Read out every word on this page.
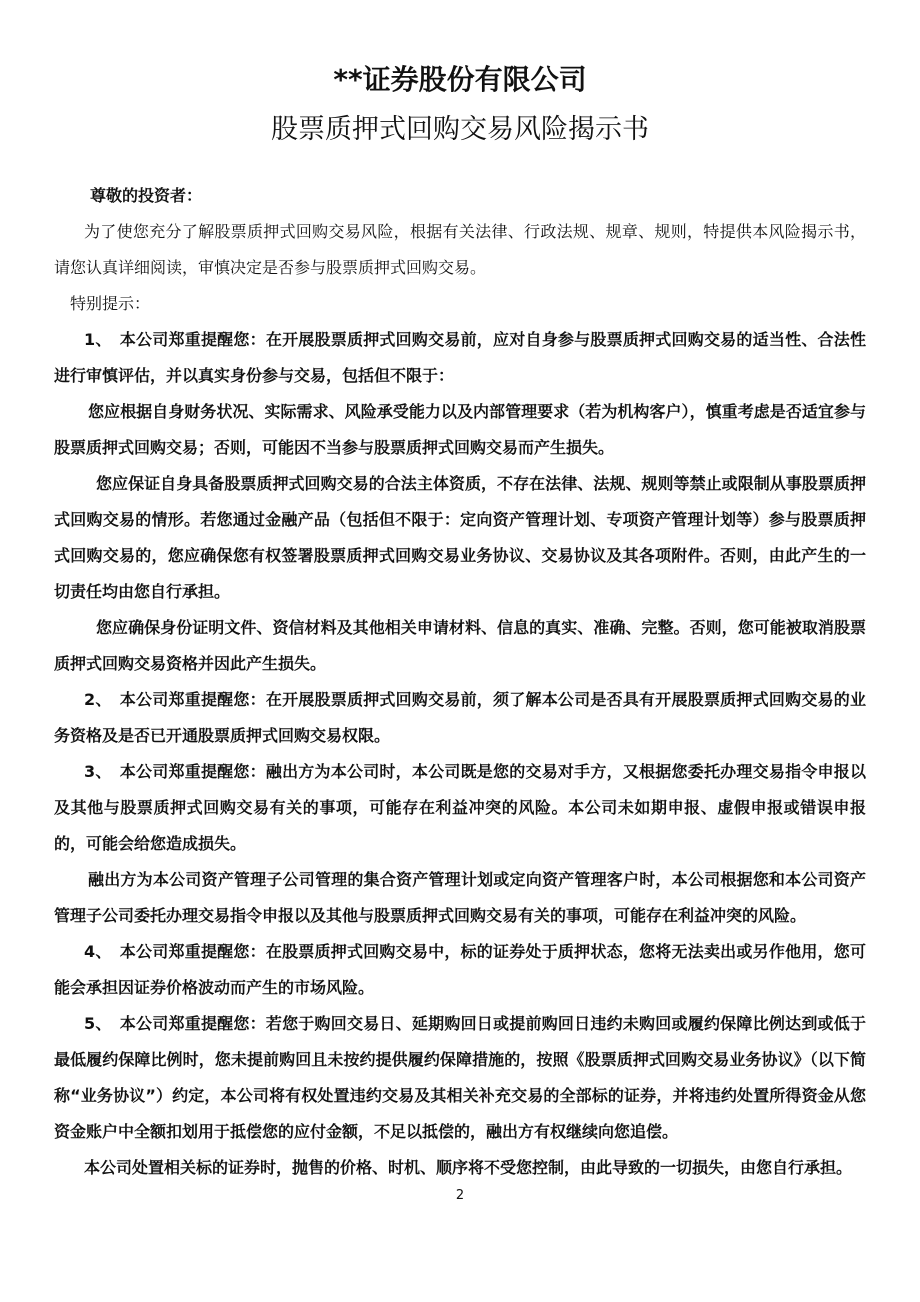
**证券股份有限公司
股票质押式回购交易风险揭示书

尊敬的投资者：

为了使您充分了解股票质押式回购交易风险，根据有关法律、行政法规、规章、规则，特提供本风险揭示书，请您认真详细阅读，审慎决定是否参与股票质押式回购交易。

特别提示：

1、　本公司郑重提醒您：在开展股票质押式回购交易前，应对自身参与股票质押式回购交易的适当性、合法性进行审慎评估，并以真实身份参与交易，包括但不限于：

您应根据自身财务状况、实际需求、风险承受能力以及内部管理要求（若为机构客户），慎重考虑是否适宜参与股票质押式回购交易；否则，可能因不当参与股票质押式回购交易而产生损失。

您应保证自身具备股票质押式回购交易的合法主体资质，不存在法律、法规、规则等禁止或限制从事股票质押式回购交易的情形。若您通过金融产品（包括但不限于：定向资产管理计划、专项资产管理计划等）参与股票质押式回购交易的，您应确保您有权签署股票质押式回购交易业务协议、交易协议及其各项附件。否则，由此产生的一切责任均由您自行承担。

您应确保身份证明文件、资信材料及其他相关申请材料、信息的真实、准确、完整。否则，您可能被取消股票质押式回购交易资格并因此产生损失。

2、　本公司郑重提醒您：在开展股票质押式回购交易前，须了解本公司是否具有开展股票质押式回购交易的业务资格及是否已开通股票质押式回购交易权限。

3、　本公司郑重提醒您：融出方为本公司时，本公司既是您的交易对手方，又根据您委托办理交易指令申报以及其他与股票质押式回购交易有关的事项，可能存在利益冲突的风险。本公司未如期申报、虚假申报或错误申报的，可能会给您造成损失。

融出方为本公司资产管理子公司管理的集合资产管理计划或定向资产管理客户时，本公司根据您和本公司资产管理子公司委托办理交易指令申报以及其他与股票质押式回购交易有关的事项，可能存在利益冲突的风险。

4、　本公司郑重提醒您：在股票质押式回购交易中，标的证券处于质押状态，您将无法卖出或另作他用，您可能会承担因证券价格波动而产生的市场风险。

5、　本公司郑重提醒您：若您于购回交易日、延期购回日或提前购回日违约未购回或履约保障比例达到或低于最低履约保障比例时，您未提前购回且未按约提供履约保障措施的，按照《股票质押式回购交易业务协议》（以下简称“业务协议”）约定，本公司将有权处置违约交易及其相关补充交易的全部标的证券，并将违约处置所得资金从您资金账户中全额扣划用于抵偿您的应付金额，不足以抵偿的，融出方有权继续向您追偿。

本公司处置相关标的证券时，抛售的价格、时机、顺序将不受您控制，由此导致的一切损失，由您自行承担。

2
